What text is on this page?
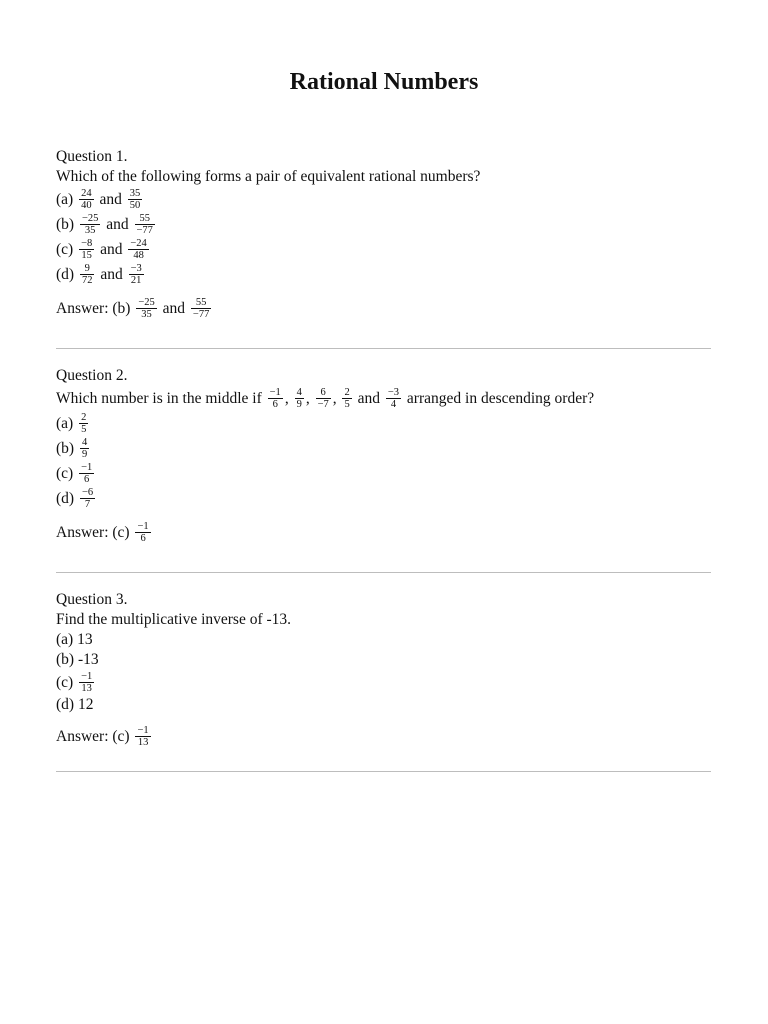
Rational Numbers
Question 1.
Which of the following forms a pair of equivalent rational numbers?
$(a) \frac{24}{40}$ and $\frac{35}{50}$
$(b) \frac{-25}{35}$ and $\frac{55}{-77}$
$(c) \frac{-8}{15}$ and $\frac{-24}{48}$
$(d) \frac{9}{72}$ and $\frac{-3}{21}$
Answer: $(b) \frac{-25}{35}$ and $\frac{55}{-77}$
Question 2.
Which number is in the middle if $\frac{-1}{6}$ , $\frac{4}{9}$ , $\frac{6}{-7}$ , $\frac{2}{5}$ and $\frac{-3}{4}$ arranged in descending order?
$(a) \frac{2}{5}$
$(b) \frac{4}{9}$
$(c) \frac{-1}{6}$
$(d) \frac{-6}{7}$
Answer: $(c) \frac{-1}{6}$
Question 3.
Find the multiplicative inverse of -13.
(a) 13
(b) -13
$(c) \frac{-1}{13}$
(d) 12
Answer: $(c) \frac{-1}{13}$
